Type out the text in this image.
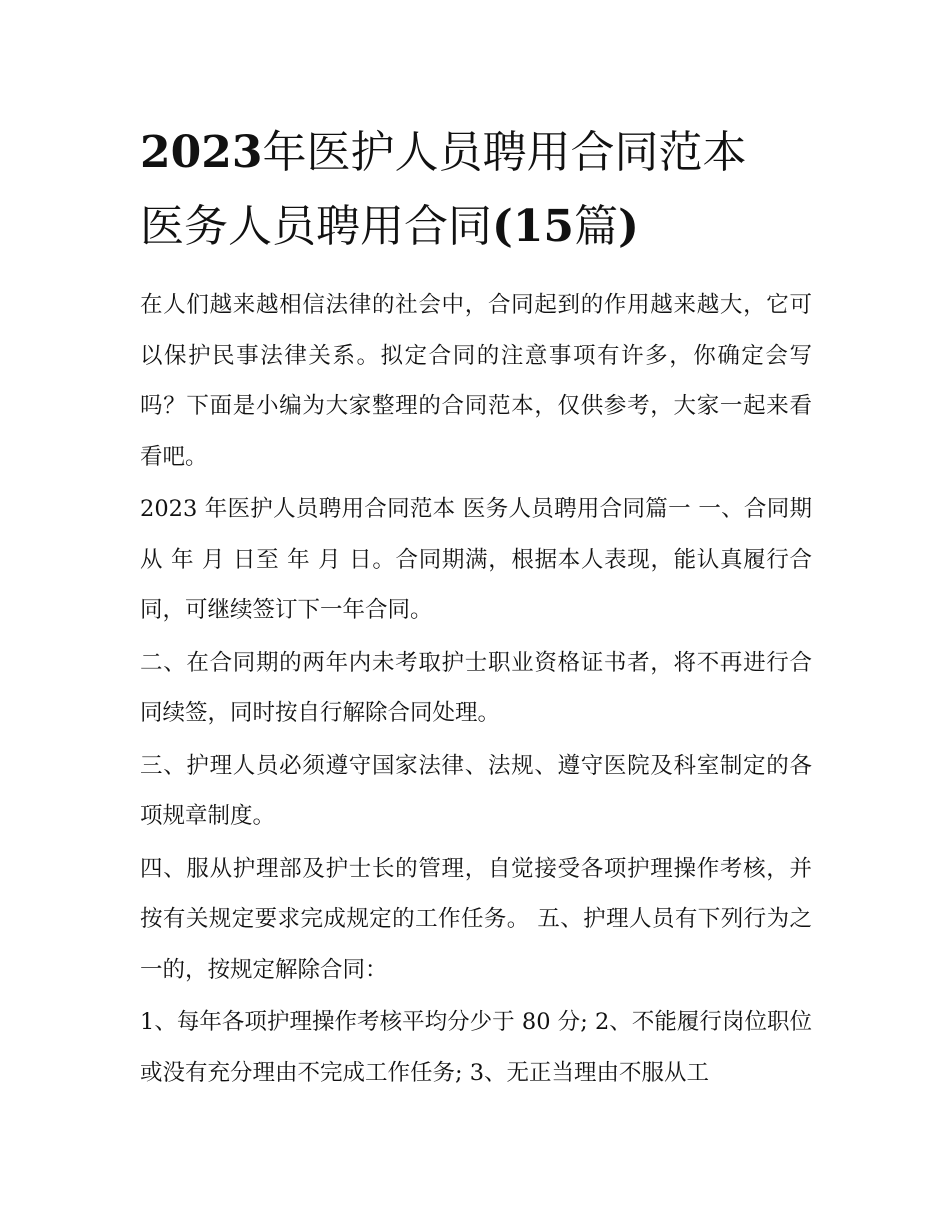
2023年医护人员聘用合同范本
医务人员聘用合同(15篇)

在人们越来越相信法律的社会中，合同起到的作用越来越大，它可以保护民事法律关系。拟定合同的注意事项有许多，你确定会写吗？下面是小编为大家整理的合同范本，仅供参考，大家一起来看看吧。

2023 年医护人员聘用合同范本 医务人员聘用合同篇一 一、合同期从 年 月 日至 年 月 日。合同期满，根据本人表现，能认真履行合同，可继续签订下一年合同。

二、在合同期的两年内未考取护士职业资格证书者，将不再进行合同续签，同时按自行解除合同处理。

三、护理人员必须遵守国家法律、法规、遵守医院及科室制定的各项规章制度。

四、服从护理部及护士长的管理，自觉接受各项护理操作考核，并按有关规定要求完成规定的工作任务。 五、护理人员有下列行为之一的，按规定解除合同：

1、每年各项护理操作考核平均分少于 80 分; 2、不能履行岗位职位或没有充分理由不完成工作任务; 3、无正当理由不服从工
